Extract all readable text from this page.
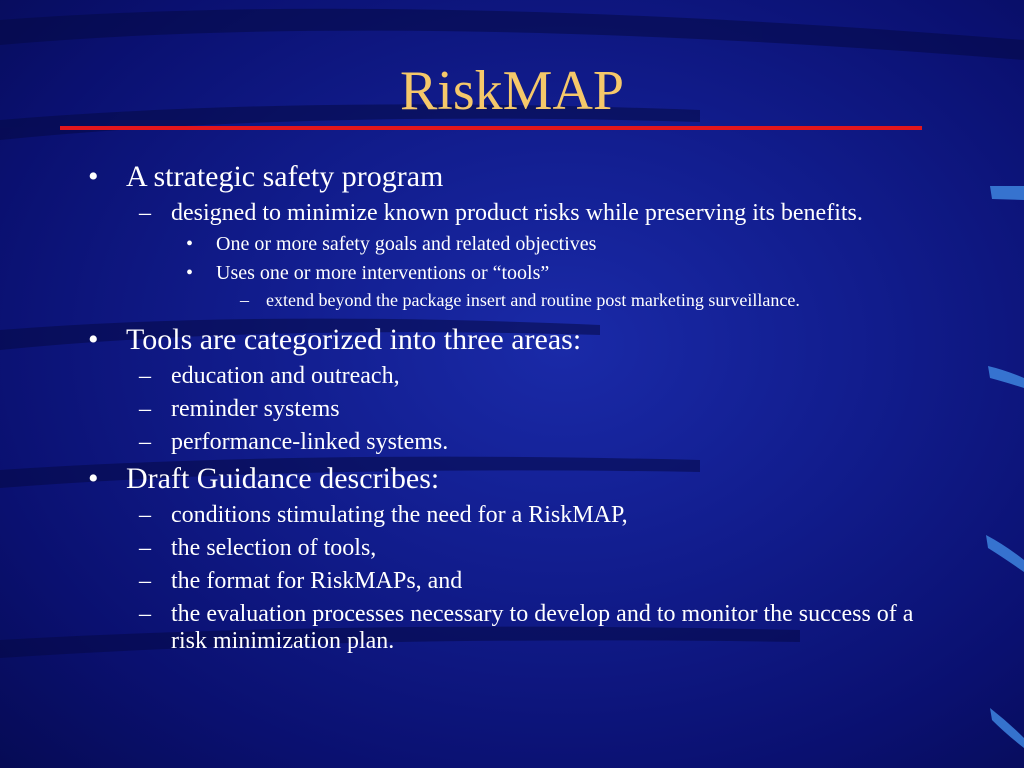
RiskMAP
• A strategic safety program
– designed to minimize known product risks while preserving its benefits.
• One or more safety goals and related objectives
• Uses one or more interventions or “tools”
– extend beyond the package insert and routine post marketing surveillance.
• Tools are categorized into three areas:
– education and outreach,
– reminder systems
– performance-linked systems.
• Draft Guidance describes:
– conditions stimulating the need for a RiskMAP,
– the selection of tools,
– the format for RiskMAPs, and
– the evaluation processes necessary to develop and to monitor the success of a risk minimization plan.
